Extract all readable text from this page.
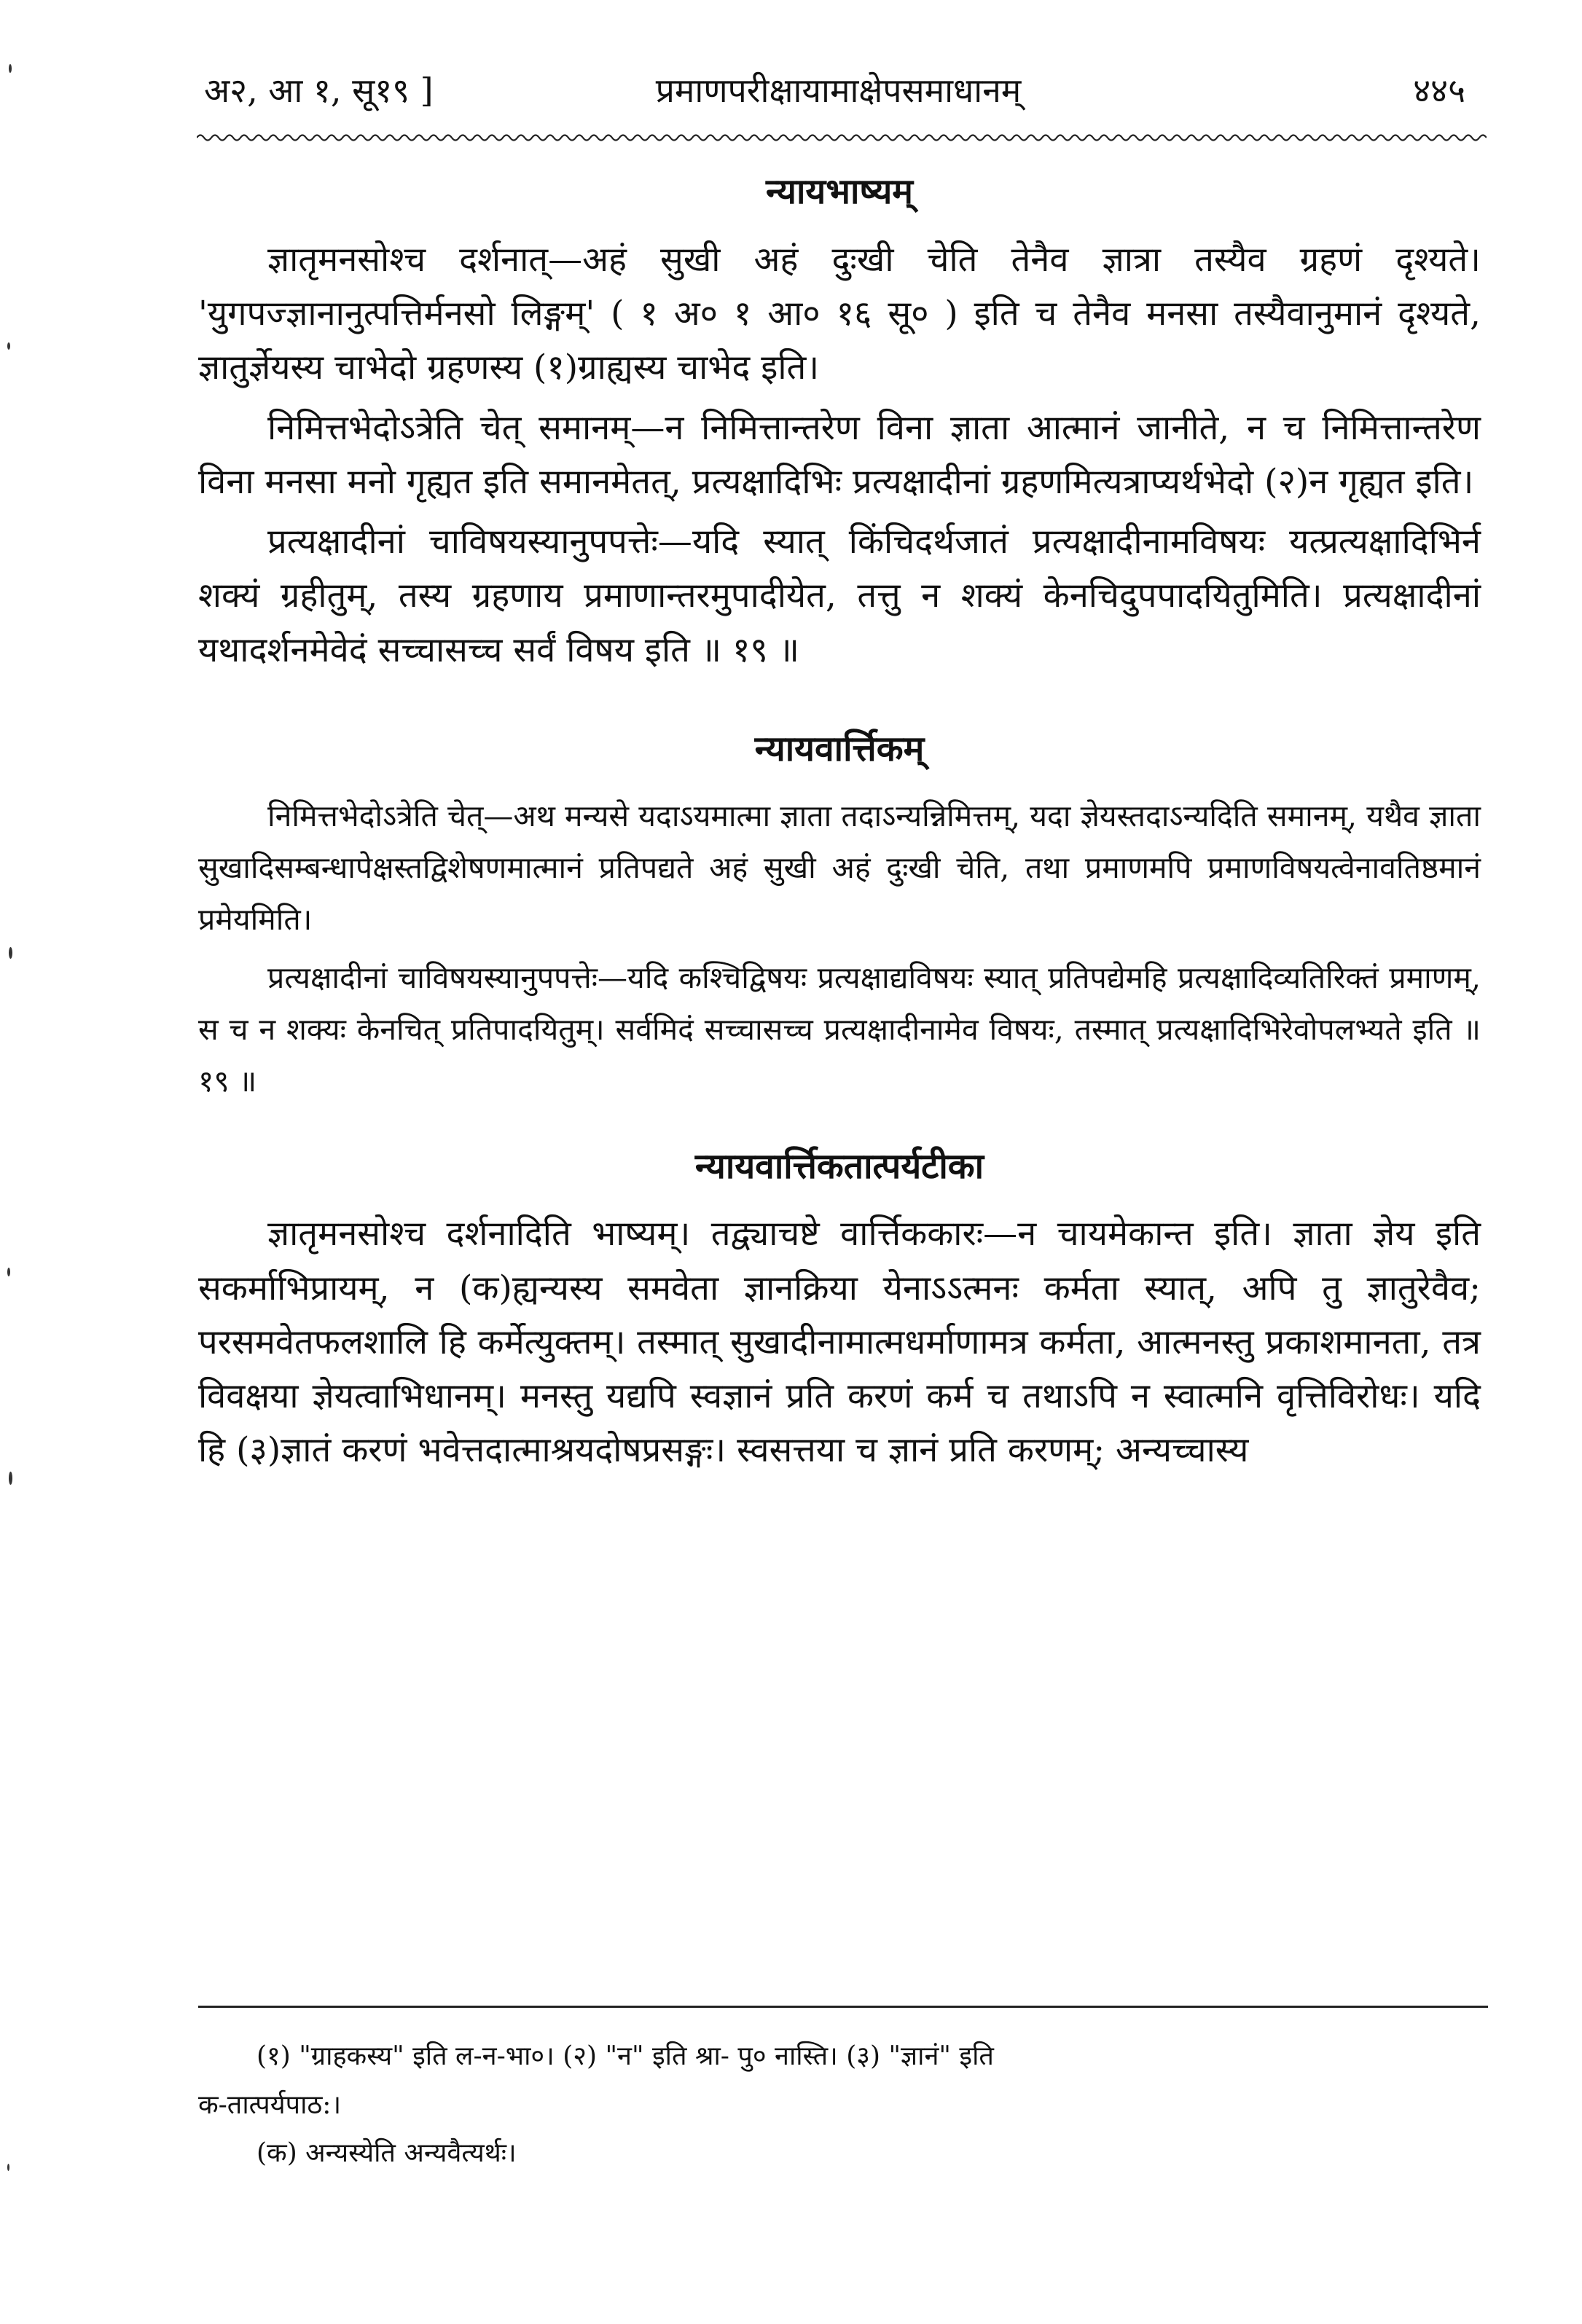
अ२, आ १, सू१९ ]	प्रमाणपरीक्षायामाक्षेपसमाधानम्	४४५
न्यायभाष्यम्

ज्ञातृमनसोश्च दर्शनात्—अहं सुखी अहं दुःखी चेति तेनैव ज्ञात्रा तस्यैव ग्रहणं दृश्यते। 'युगपज्ज्ञानानुत्पत्तिर्मनसो लिङ्गम्' ( १ अ० १ आ० १६ सू० ) इति च तेनैव मनसा तस्यैवानुमानं दृश्यते, ज्ञातुर्ज्ञेयस्य चाभेदो ग्रहणस्य (१)ग्राह्यस्य चाभेद इति।

निमित्तभेदोऽत्रेति चेत् समानम्—न निमित्तान्तरेण विना ज्ञाता आत्मानं जानीते, न च निमित्तान्तरेण विना मनसा मनो गृह्यत इति समानमेतत्, प्रत्यक्षादिभिः प्रत्यक्षादीनां ग्रहणमित्यत्राप्यर्थभेदो (२)न गृह्यत इति।

प्रत्यक्षादीनां चाविषयस्यानुपपत्तेः—यदि स्यात् किंचिदर्थजातं प्रत्यक्षादीनामविषयः यत्प्रत्यक्षादिभिर्न शक्यं ग्रहीतुम्, तस्य ग्रहणाय प्रमाणान्तरमुपादीयेत, तत्तु न शक्यं केनचिदुपपादयितुमिति। प्रत्यक्षादीनां यथादर्शनमेवेदं सच्चासच्च सर्वं विषय इति ॥ १९ ॥

न्यायवार्त्तिकम्

निमित्तभेदोऽत्रेति चेत्—अथ मन्यसे यदाऽयमात्मा ज्ञाता तदाऽन्यन्निमित्तम्, यदा ज्ञेयस्तदाऽन्यदिति समानम्, यथैव ज्ञाता सुखादिसम्बन्धापेक्षस्तद्विशेषणमात्मानं प्रतिपद्यते अहं सुखी अहं दुःखी चेति, तथा प्रमाणमपि प्रमाणविषयत्वेनावतिष्ठमानं प्रमेयमिति।

प्रत्यक्षादीनां चाविषयस्यानुपपत्तेः—यदि कश्चिद्विषयः प्रत्यक्षाद्यविषयः स्यात् प्रतिपद्येमहि प्रत्यक्षादिव्यतिरिक्तं प्रमाणम्, स च न शक्यः केनचित् प्रतिपादयितुम्। सर्वमिदं सच्चासच्च प्रत्यक्षादीनामेव विषयः, तस्मात् प्रत्यक्षादिभिरेवोपलभ्यते इति ॥ १९ ॥

न्यायवार्त्तिकतात्पर्यटीका

ज्ञातृमनसोश्च दर्शनादिति भाष्यम्। तद्व्याचष्टे वार्त्तिककारः—न चायमेकान्त इति। ज्ञाता ज्ञेय इति सकर्माभिप्रायम्, न (क)ह्यन्यस्य समवेता ज्ञानक्रिया येनाऽऽत्मनः कर्मता स्यात्, अपि तु ज्ञातुरेवैव; परसमवेतफलशालि हि कर्मेत्युक्तम्। तस्मात् सुखादीनामात्मधर्माणामत्र कर्मता, आत्मनस्तु प्रकाशमानता, तत्र विवक्षया ज्ञेयत्वाभिधानम्। मनस्तु यद्यपि स्वज्ञानं प्रति करणं कर्म च तथाऽपि न स्वात्मनि वृत्तिविरोधः। यदि हि (३)ज्ञातं करणं भवेत्तदात्माश्रयदोषप्रसङ्गः। स्वसत्तया च ज्ञानं प्रति करणम्; अन्यच्चास्य

(१) "ग्राहकस्य" इति ल-न-भा०। (२) "न" इति श्रा- पु० नास्ति। (३) "ज्ञानं" इति

क-तात्पर्यपाठ:।

(क) अन्यस्येति अन्यवैत्यर्थः।
